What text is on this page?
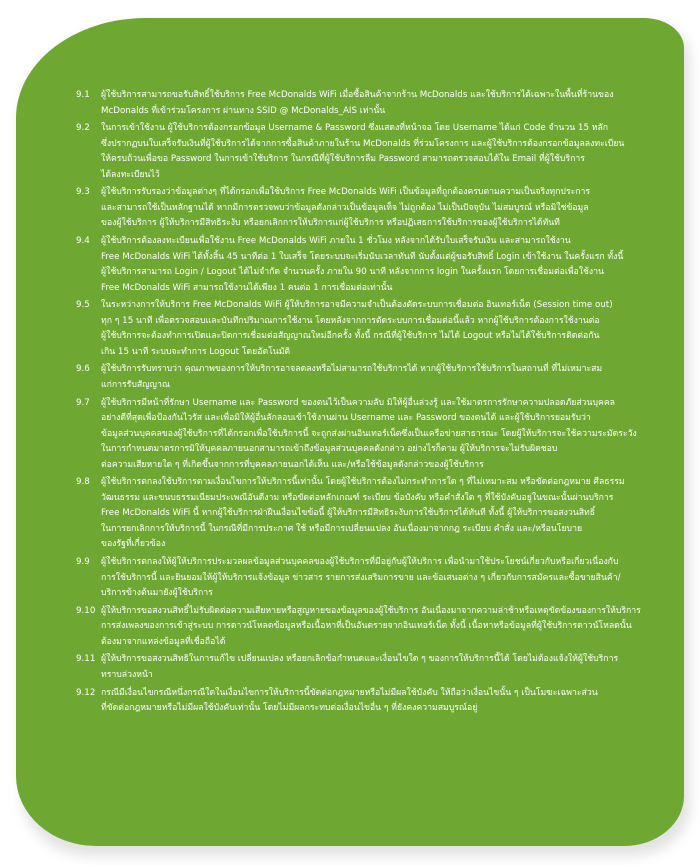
9.1	ผู้ใช้บริการสามารถขอรับสิทธิ์ใช้บริการ Free McDonalds WiFi เมื่อซื้อสินค้าจากร้าน McDonalds และใช้บริการได้เฉพาะในพื้นที่ร้านของ
McDonalds ที่เข้าร่วมโครงการ ผ่านทาง SSID @ McDonalds_AIS เท่านั้น
9.2	ในการเข้าใช้งาน ผู้ใช้บริการต้องกรอกข้อมูล Username & Password ซึ่งแสดงที่หน้าจอ โดย Username ได้แก่ Code จำนวน 15 หลัก
ซึ่งปรากฏบนใบเสร็จรับเงินที่ผู้ใช้บริการได้จากการซื้อสินค้าภายในร้าน McDonalds ที่ร่วมโครงการ และผู้ใช้บริการต้องกรอกข้อมูลลงทะเบียน
ให้ครบถ้วนเพื่อขอ Password ในการเข้าใช้บริการ ในกรณีที่ผู้ใช้บริการลืม Password สามารถตรวจสอบได้ใน Email ที่ผู้ใช้บริการ
ได้ลงทะเบียนไว้
9.3	ผู้ใช้บริการรับรองว่าข้อมูลต่างๆ ที่ได้กรอกเพื่อใช้บริการ Free McDonalds WiFi เป็นข้อมูลที่ถูกต้องครบตามความเป็นจริงทุกประการ
และสามารถใช้เป็นหลักฐานได้ หากมีการตรวจพบว่าข้อมูลดังกล่าวเป็นข้อมูลเท็จ ไม่ถูกต้อง ไม่เป็นปัจจุบัน ไม่สมบูรณ์ หรือมิใช่ข้อมูล
ของผู้ใช้บริการ ผู้ให้บริการมีสิทธิระงับ หรือยกเลิกการให้บริการแก่ผู้ใช้บริการ หรือปฏิเสธการใช้บริการของผู้ใช้บริการได้ทันที
9.4	ผู้ใช้บริการต้องลงทะเบียนเพื่อใช้งาน Free McDonalds WiFi ภายใน 1 ชั่วโมง หลังจากได้รับใบเสร็จรับเงิน และสามารถใช้งาน
Free McDonalds WiFi ได้ทั้งสิ้น 45 นาทีต่อ 1 ใบเสร็จ โดยระบบจะเริ่มนับเวลาทันที นับตั้งแต่ผู้ขอรับสิทธิ์ Login เข้าใช้งาน ในครั้งแรก ทั้งนี้
ผู้ใช้บริการสามารถ Login / Logout ได้ไม่จำกัด จำนวนครั้ง ภายใน 90 นาที หลังจากการ login ในครั้งแรก โดยการเชื่อมต่อเพื่อใช้งาน
Free McDonalds WiFi สามารถใช้งานได้เพียง 1 คนต่อ 1 การเชื่อมต่อเท่านั้น
9.5	ในระหว่างการให้บริการ Free McDonalds WiFi ผู้ให้บริการอาจมีความจำเป็นต้องตัดระบบการเชื่อมต่อ อินเทอร์เน็ต (Session time out)
ทุก ๆ 15 นาที เพื่อตรวจสอบและบันทึกปริมาณการใช้งาน โดยหลังจากการตัดระบบการเชื่อมต่อนี้แล้ว หากผู้ใช้บริการต้องการใช้งานต่อ
ผู้ใช้บริการจะต้องทำการเปิดและปิดการเชื่อมต่อสัญญาณใหม่อีกครั้ง ทั้งนี้ กรณีที่ผู้ใช้บริการ ไม่ได้ Logout หรือไม่ได้ใช้บริการติดต่อกัน
เกิน 15 นาที ระบบจะทำการ Logout โดยอัตโนมัติ
9.6	ผู้ใช้บริการรับทราบว่า คุณภาพของการให้บริการอาจลดลงหรือไม่สามารถใช้บริการได้ หากผู้ใช้บริการใช้บริการในสถานที่ ที่ไม่เหมาะสม
แก่การรับสัญญาณ
9.7	ผู้ใช้บริการมีหน้าที่รักษา Username และ Password ของตนไว้เป็นความลับ มิให้ผู้อื่นล่วงรู้ และใช้มาตรการรักษาความปลอดภัยส่วนบุคคล
อย่างดีที่สุดเพื่อป้องกันไวรัส และเพื่อมิให้ผู้อื่นลักลอบเข้าใช้งานผ่าน Username และ Password ของตนได้ และผู้ใช้บริการยอมรับว่า
ข้อมูลส่วนบุคคลของผู้ใช้บริการที่ได้กรอกเพื่อใช้บริการนี้ จะถูกส่งผ่านอินเทอร์เน็ตซึ่งเป็นเครือข่ายสาธารณะ โดยผู้ให้บริการจะใช้ความระมัดระวัง
ในการกำหนดมาตรการมิให้บุคคลภายนอกสามารถเข้าถึงข้อมูลส่วนบุคคลดังกล่าว อย่างไรก็ตาม ผู้ให้บริการจะไม่รับผิดชอบ
ต่อความเสียหายใด ๆ ที่เกิดขึ้นจากการที่บุคคลภายนอกได้เห็น และ/หรือใช้ข้อมูลดังกล่าวของผู้ใช้บริการ
9.8	ผู้ใช้บริการตกลงใช้บริการตามเงื่อนไขการให้บริการนี้เท่านั้น โดยผู้ใช้บริการต้องไม่กระทำการใด ๆ ที่ไม่เหมาะสม หรือขัดต่อกฎหมาย ศีลธรรม
วัฒนธรรม และขนบธรรมเนียมประเพณีอันดีงาม หรือขัดต่อหลักเกณฑ์ ระเบียบ ข้อบังคับ หรือคำสั่งใด ๆ ที่ใช้บังคับอยู่ในขณะนั้นผ่านบริการ
Free McDonalds WiFi นี้ หากผู้ใช้บริการฝ่าฝืนเงื่อนไขข้อนี้ ผู้ให้บริการมีสิทธิระงับการใช้บริการได้ทันที ทั้งนี้ ผู้ให้บริการขอสงวนสิทธิ์
ในการยกเลิกการให้บริการนี้ ในกรณีที่มีการประกาศ ใช้ หรือมีการเปลี่ยนแปลง อันเนื่องมาจากกฎ ระเบียบ คำสั่ง และ/หรือนโยบาย
ของรัฐที่เกี่ยวข้อง
9.9	ผู้ใช้บริการตกลงให้ผู้ให้บริการประมวลผลข้อมูลส่วนบุคคลของผู้ใช้บริการที่มีอยู่กับผู้ให้บริการ เพื่อนำมาใช้ประโยชน์เกี่ยวกับหรือเกี่ยวเนื่องกับ
การใช้บริการนี้ และยินยอมให้ผู้ให้บริการแจ้งข้อมูล ข่าวสาร รายการส่งเสริมการขาย และข้อเสนอต่าง ๆ เกี่ยวกับการสมัครและซื้อขายสินค้า/
บริการข้างต้นมายังผู้ใช้บริการ
9.10 ผู้ให้บริการขอสงวนสิทธิ์ไม่รับผิดต่อความเสียหายหรือสูญหายของข้อมูลของผู้ใช้บริการ อันเนื่องมาจากความล่าช้าหรือเหตุขัดข้องของการให้บริการ
การส่งเพลงของการเข้าสู่ระบบ การดาวน์โหลดข้อมูลหรือเนื้อหาที่เป็นอันตรายจากอินเทอร์เน็ต ทั้งนี้ เนื้อหาหรือข้อมูลที่ผู้ใช้บริการดาวน์โหลดนั้น
ต้องมาจากแหล่งข้อมูลที่เชื่อถือได้
9.11 ผู้ให้บริการขอสงวนสิทธิในการแก้ไข เปลี่ยนแปลง หรือยกเลิกข้อกำหนดและเงื่อนไขใด ๆ ของการให้บริการนี้ได้ โดยไม่ต้องแจ้งให้ผู้ใช้บริการ
ทราบล่วงหน้า
9.12 กรณีมีเงื่อนไขกรณีหนึ่งกรณีใดในเงื่อนไขการให้บริการนี้ขัดต่อกฎหมายหรือไม่มีผลใช้บังคับ ให้ถือว่าเงื่อนไขนั้น ๆ เป็นโมฆะเฉพาะส่วน
ที่ขัดต่อกฎหมายหรือไม่มีผลใช้บังคับเท่านั้น โดยไม่มีผลกระทบต่อเงื่อนไขอื่น ๆ ที่ยังคงความสมบูรณ์อยู่
